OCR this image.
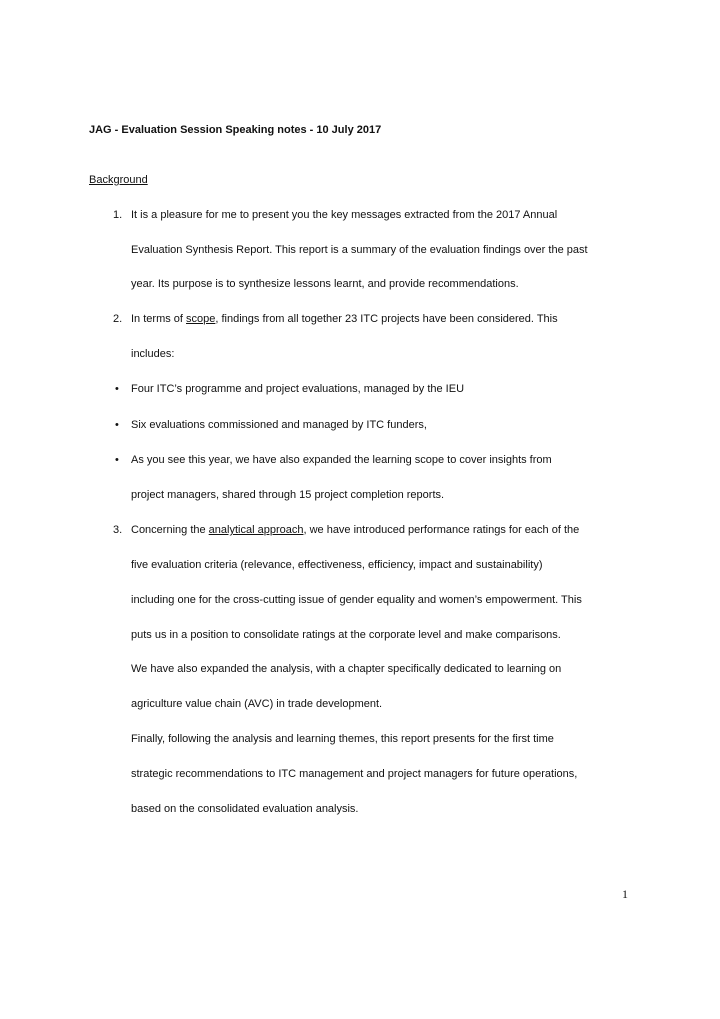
JAG - Evaluation Session Speaking notes - 10 July 2017
Background
1. It is a pleasure for me to present you the key messages extracted from the 2017 Annual
Evaluation Synthesis Report. This report is a summary of the evaluation findings over the past
year. Its purpose is to synthesize lessons learnt, and provide recommendations.
2. In terms of scope, findings from all together 23 ITC projects have been considered. This
includes:
• Four ITC’s programme and project evaluations, managed by the IEU
• Six evaluations commissioned and managed by ITC funders,
• As you see this year, we have also expanded the learning scope to cover insights from
project managers, shared through 15 project completion reports.
3. Concerning the analytical approach, we have introduced performance ratings for each of the
five evaluation criteria (relevance, effectiveness, efficiency, impact and sustainability)
including one for the cross-cutting issue of gender equality and women’s empowerment. This
puts us in a position to consolidate ratings at the corporate level and make comparisons.
We have also expanded the analysis, with a chapter specifically dedicated to learning on
agriculture value chain (AVC) in trade development.
Finally, following the analysis and learning themes, this report presents for the first time
strategic recommendations to ITC management and project managers for future operations,
based on the consolidated evaluation analysis.
1
